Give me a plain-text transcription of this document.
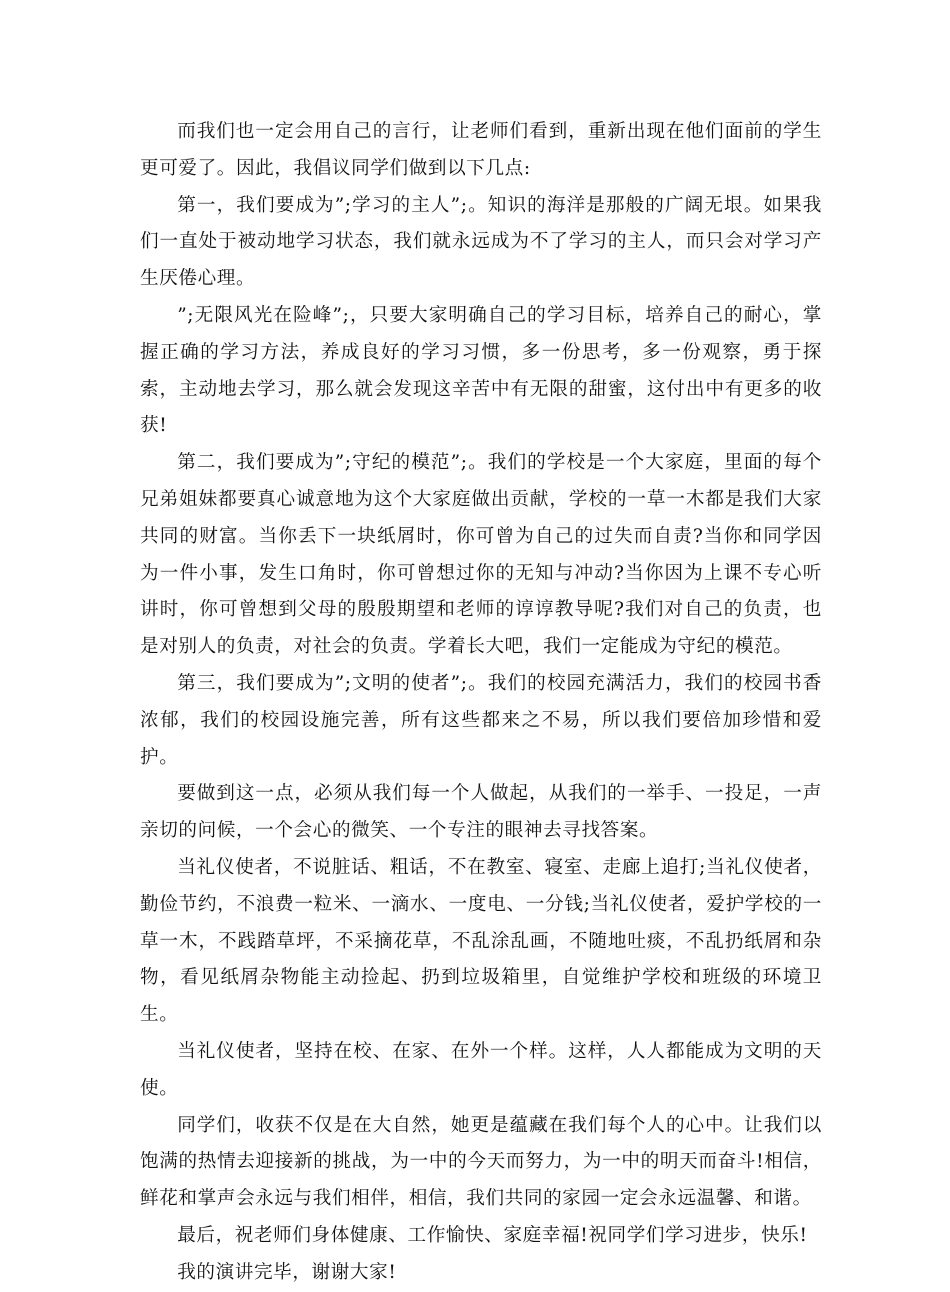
而我们也一定会用自己的言行，让老师们看到，重新出现在他们面前的学生更可爱了。因此，我倡议同学们做到以下几点:

第一，我们要成为”;学习的主人”;。知识的海洋是那般的广阔无垠。如果我们一直处于被动地学习状态，我们就永远成为不了学习的主人，而只会对学习产生厌倦心理。

”;无限风光在险峰”;，只要大家明确自己的学习目标，培养自己的耐心，掌握正确的学习方法，养成良好的学习习惯，多一份思考，多一份观察，勇于探索，主动地去学习，那么就会发现这辛苦中有无限的甜蜜，这付出中有更多的收获!

第二，我们要成为”;守纪的模范”;。我们的学校是一个大家庭，里面的每个兄弟姐妹都要真心诚意地为这个大家庭做出贡献，学校的一草一木都是我们大家共同的财富。当你丢下一块纸屑时，你可曾为自己的过失而自责?当你和同学因为一件小事，发生口角时，你可曾想过你的无知与冲动?当你因为上课不专心听讲时，你可曾想到父母的殷殷期望和老师的谆谆教导呢?我们对自己的负责，也是对别人的负责，对社会的负责。学着长大吧，我们一定能成为守纪的模范。

第三，我们要成为”;文明的使者”;。我们的校园充满活力，我们的校园书香浓郁，我们的校园设施完善，所有这些都来之不易，所以我们要倍加珍惜和爱护。

要做到这一点，必须从我们每一个人做起，从我们的一举手、一投足，一声亲切的问候，一个会心的微笑、一个专注的眼神去寻找答案。

当礼仪使者，不说脏话、粗话，不在教室、寝室、走廊上追打;当礼仪使者，勤俭节约，不浪费一粒米、一滴水、一度电、一分钱;当礼仪使者，爱护学校的一草一木，不践踏草坪，不采摘花草，不乱涂乱画，不随地吐痰，不乱扔纸屑和杂物，看见纸屑杂物能主动捡起、扔到垃圾箱里，自觉维护学校和班级的环境卫生。

当礼仪使者，坚持在校、在家、在外一个样。这样，人人都能成为文明的天使。

同学们，收获不仅是在大自然，她更是蕴藏在我们每个人的心中。让我们以饱满的热情去迎接新的挑战，为一中的今天而努力，为一中的明天而奋斗!相信，鲜花和掌声会永远与我们相伴，相信，我们共同的家园一定会永远温馨、和谐。

最后，祝老师们身体健康、工作愉快、家庭幸福!祝同学们学习进步，快乐!

我的演讲完毕，谢谢大家!
